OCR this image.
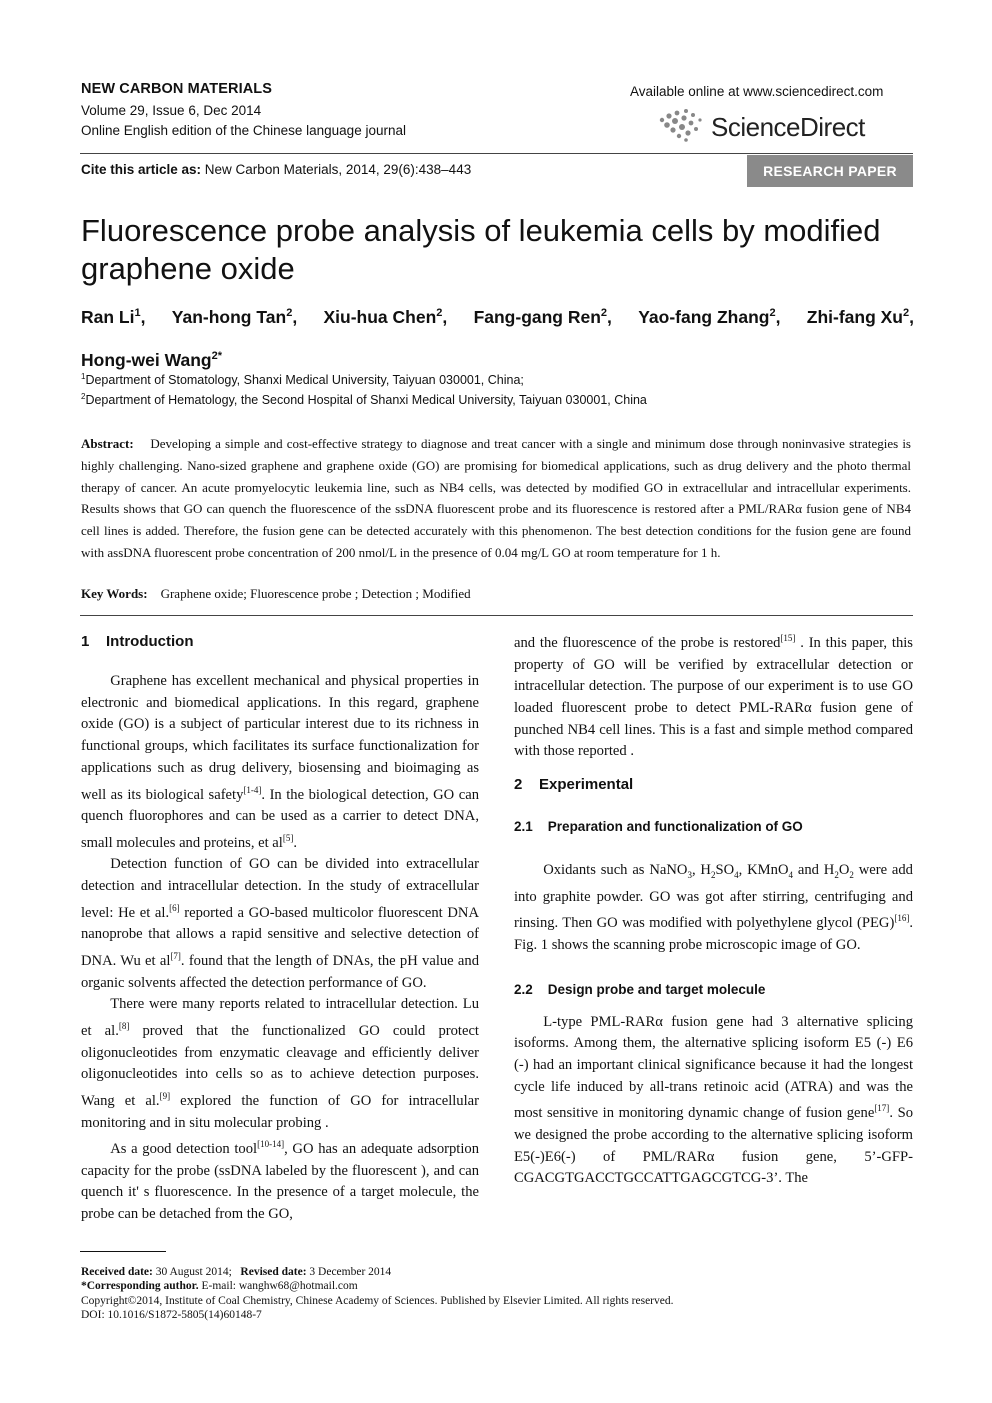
NEW CARBON MATERIALS
Volume 29, Issue 6, Dec 2014
Online English edition of the Chinese language journal
Available online at www.sciencedirect.com
ScienceDirect
Cite this article as: New Carbon Materials, 2014, 29(6):438–443	RESEARCH PAPER
Fluorescence probe analysis of leukemia cells by modified graphene oxide
Ran Li$^1$, Yan-hong Tan$^2$, Xiu-hua Chen$^2$, Fang-gang Ren$^2$, Yao-fang Zhang$^2$, Zhi-fang Xu$^2$,
Hong-wei Wang$^{2*}$
$^1$Department of Stomatology, Shanxi Medical University, Taiyuan 030001, China;
$^2$Department of Hematology, the Second Hospital of Shanxi Medical University, Taiyuan 030001, China
Abstract: Developing a simple and cost-effective strategy to diagnose and treat cancer with a single and minimum dose through noninvasive strategies is highly challenging. Nano-sized graphene and graphene oxide (GO) are promising for biomedical applications, such as drug delivery and the photo thermal therapy of cancer. An acute promyelocytic leukemia line, such as NB4 cells, was detected by modified GO in extracellular and intracellular experiments. Results shows that GO can quench the fluorescence of the ssDNA fluorescent probe and its fluorescence is restored after a PML/RARα fusion gene of NB4 cell lines is added. Therefore, the fusion gene can be detected accurately with this phenomenon. The best detection conditions for the fusion gene are found with assDNA fluorescent probe concentration of 200 nmol/L in the presence of 0.04 mg/L GO at room temperature for 1 h.
Key Words: Graphene oxide; Fluorescence probe ; Detection ; Modified
1 Introduction
2 Experimental
2.1 Preparation and functionalization of GO
2.2 Design probe and target molecule

Graphene has excellent mechanical and physical properties in electronic and biomedical applications. In this regard, graphene oxide (GO) is a subject of particular interest due to its richness in functional groups, which facilitates its surface functionalization for applications such as drug delivery, biosensing and bioimaging as well as its biological safety[1-4]. In the biological detection, GO can quench fluorophores and can be used as a carrier to detect DNA, small molecules and proteins, et al[5].

Detection function of GO can be divided into extracellular detection and intracellular detection. In the study of extracellular level: He et al.[6] reported a GO-based multicolor fluorescent DNA nanoprobe that allows a rapid sensitive and selective detection of DNA. Wu et al[7]. found that the length of DNAs, the pH value and organic solvents affected the detection performance of GO.

There were many reports related to intracellular detection. Lu et al.[8] proved that the functionalized GO could protect oligonucleotides from enzymatic cleavage and efficiently deliver oligonucleotides into cells so as to achieve detection purposes. Wang et al.[9] explored the function of GO for intracellular monitoring and in situ molecular probing .

As a good detection tool[10-14], GO has an adequate adsorption capacity for the probe (ssDNA labeled by the fluorescent ), and can quench it' s fluorescence. In the presence of a target molecule, the probe can be detached from the GO,

and the fluorescence of the probe is restored[15] . In this paper, this property of GO will be verified by extracellular detection or intracellular detection. The purpose of our experiment is to use GO loaded fluorescent probe to detect PML-RARα fusion gene of punched NB4 cell lines. This is a fast and simple method compared with those reported .

Oxidants such as NaNO$_3$, $H_2SO_4$, KMnO$_4$ and $H_2O_2$ were add into graphite powder. GO was got after stirring, centrifuging and rinsing. Then GO was modified with polyethylene glycol (PEG)[16]. Fig. 1 shows the scanning probe microscopic image of GO.

L-type PML-RARα fusion gene had 3 alternative splicing isoforms. Among them, the alternative splicing isoform E5 (-) E6 (-) had an important clinical significance because it had the longest cycle life induced by all-trans retinoic acid (ATRA) and was the most sensitive in monitoring dynamic change of fusion gene[17]. So we designed the probe according to the alternative splicing isoform E5(-)E6(-) of PML/RARα fusion gene, 5’-GFP-CGACGTGACCTGCCATTGAGCGTCG-3’. The

Received date: 30 August 2014; Revised date: 3 December 2014
*Corresponding author. E-mail: wanghw68@hotmail.com
Copyright©2014, Institute of Coal Chemistry, Chinese Academy of Sciences. Published by Elsevier Limited. All rights reserved.
DOI: 10.1016/S1872-5805(14)60148-7
